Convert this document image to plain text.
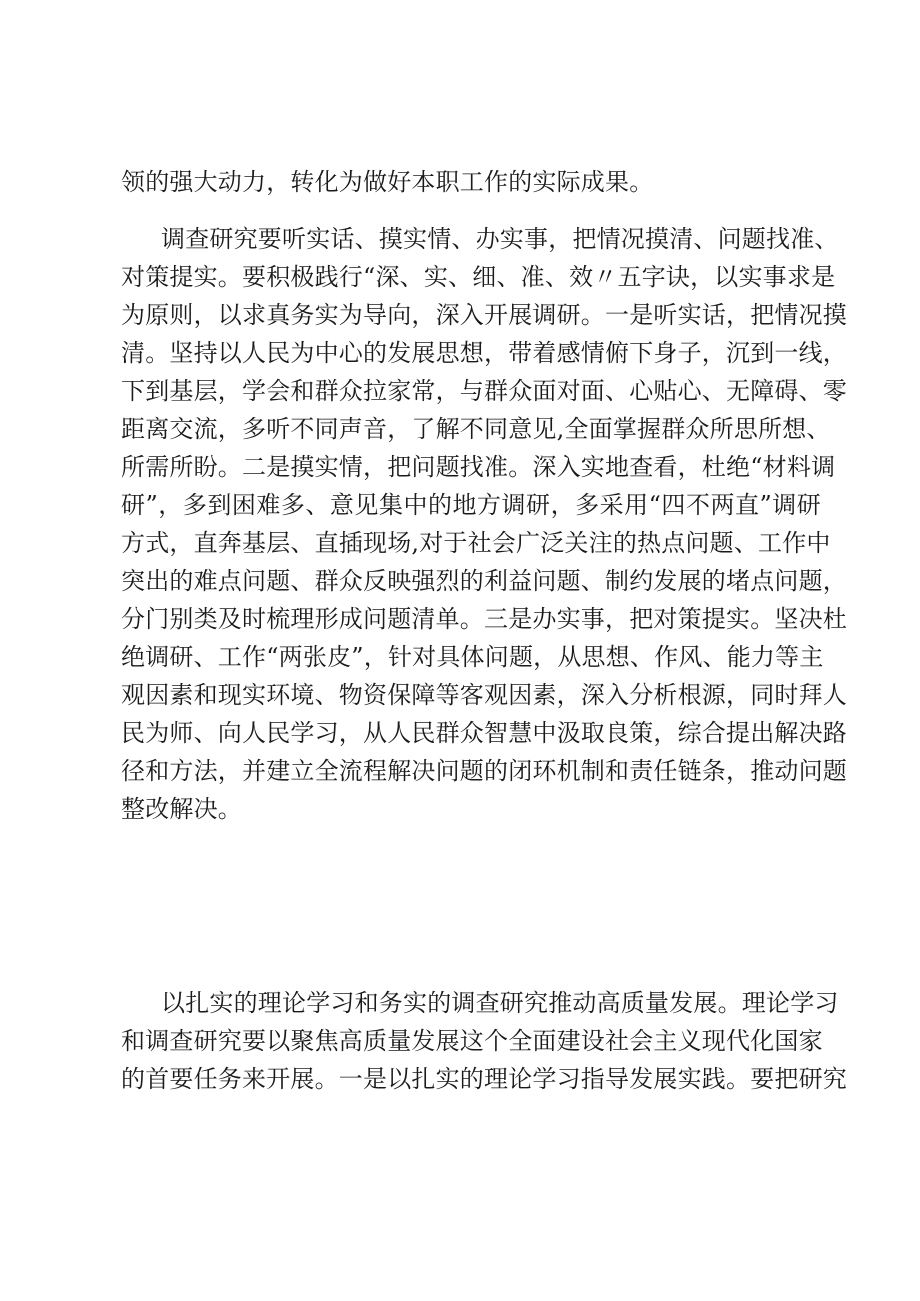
领的强大动力，转化为做好本职工作的实际成果。
调查研究要听实话、摸实情、办实事，把情况摸清、问题找准、
对策提实。要积极践行“深、实、细、准、效〃五字诀，以实事求是
为原则，以求真务实为导向，深入开展调研。一是听实话，把情况摸
清。坚持以人民为中心的发展思想，带着感情俯下身子，沉到一线，
下到基层，学会和群众拉家常，与群众面对面、心贴心、无障碍、零
距离交流，多听不同声音，了解不同意见,全面掌握群众所思所想、
所需所盼。二是摸实情，把问题找准。深入实地查看，杜绝“材料调
研”，多到困难多、意见集中的地方调研，多采用“四不两直”调研
方式，直奔基层、直插现场,对于社会广泛关注的热点问题、工作中
突出的难点问题、群众反映强烈的利益问题、制约发展的堵点问题，
分门别类及时梳理形成问题清单。三是办实事，把对策提实。坚决杜
绝调研、工作“两张皮”，针对具体问题，从思想、作风、能力等主
观因素和现实环境、物资保障等客观因素，深入分析根源，同时拜人
民为师、向人民学习，从人民群众智慧中汲取良策，综合提出解决路
径和方法，并建立全流程解决问题的闭环机制和责任链条，推动问题
整改解决。
以扎实的理论学习和务实的调查研究推动高质量发展。理论学习
和调查研究要以聚焦高质量发展这个全面建设社会主义现代化国家
的首要任务来开展。一是以扎实的理论学习指导发展实践。要把研究
